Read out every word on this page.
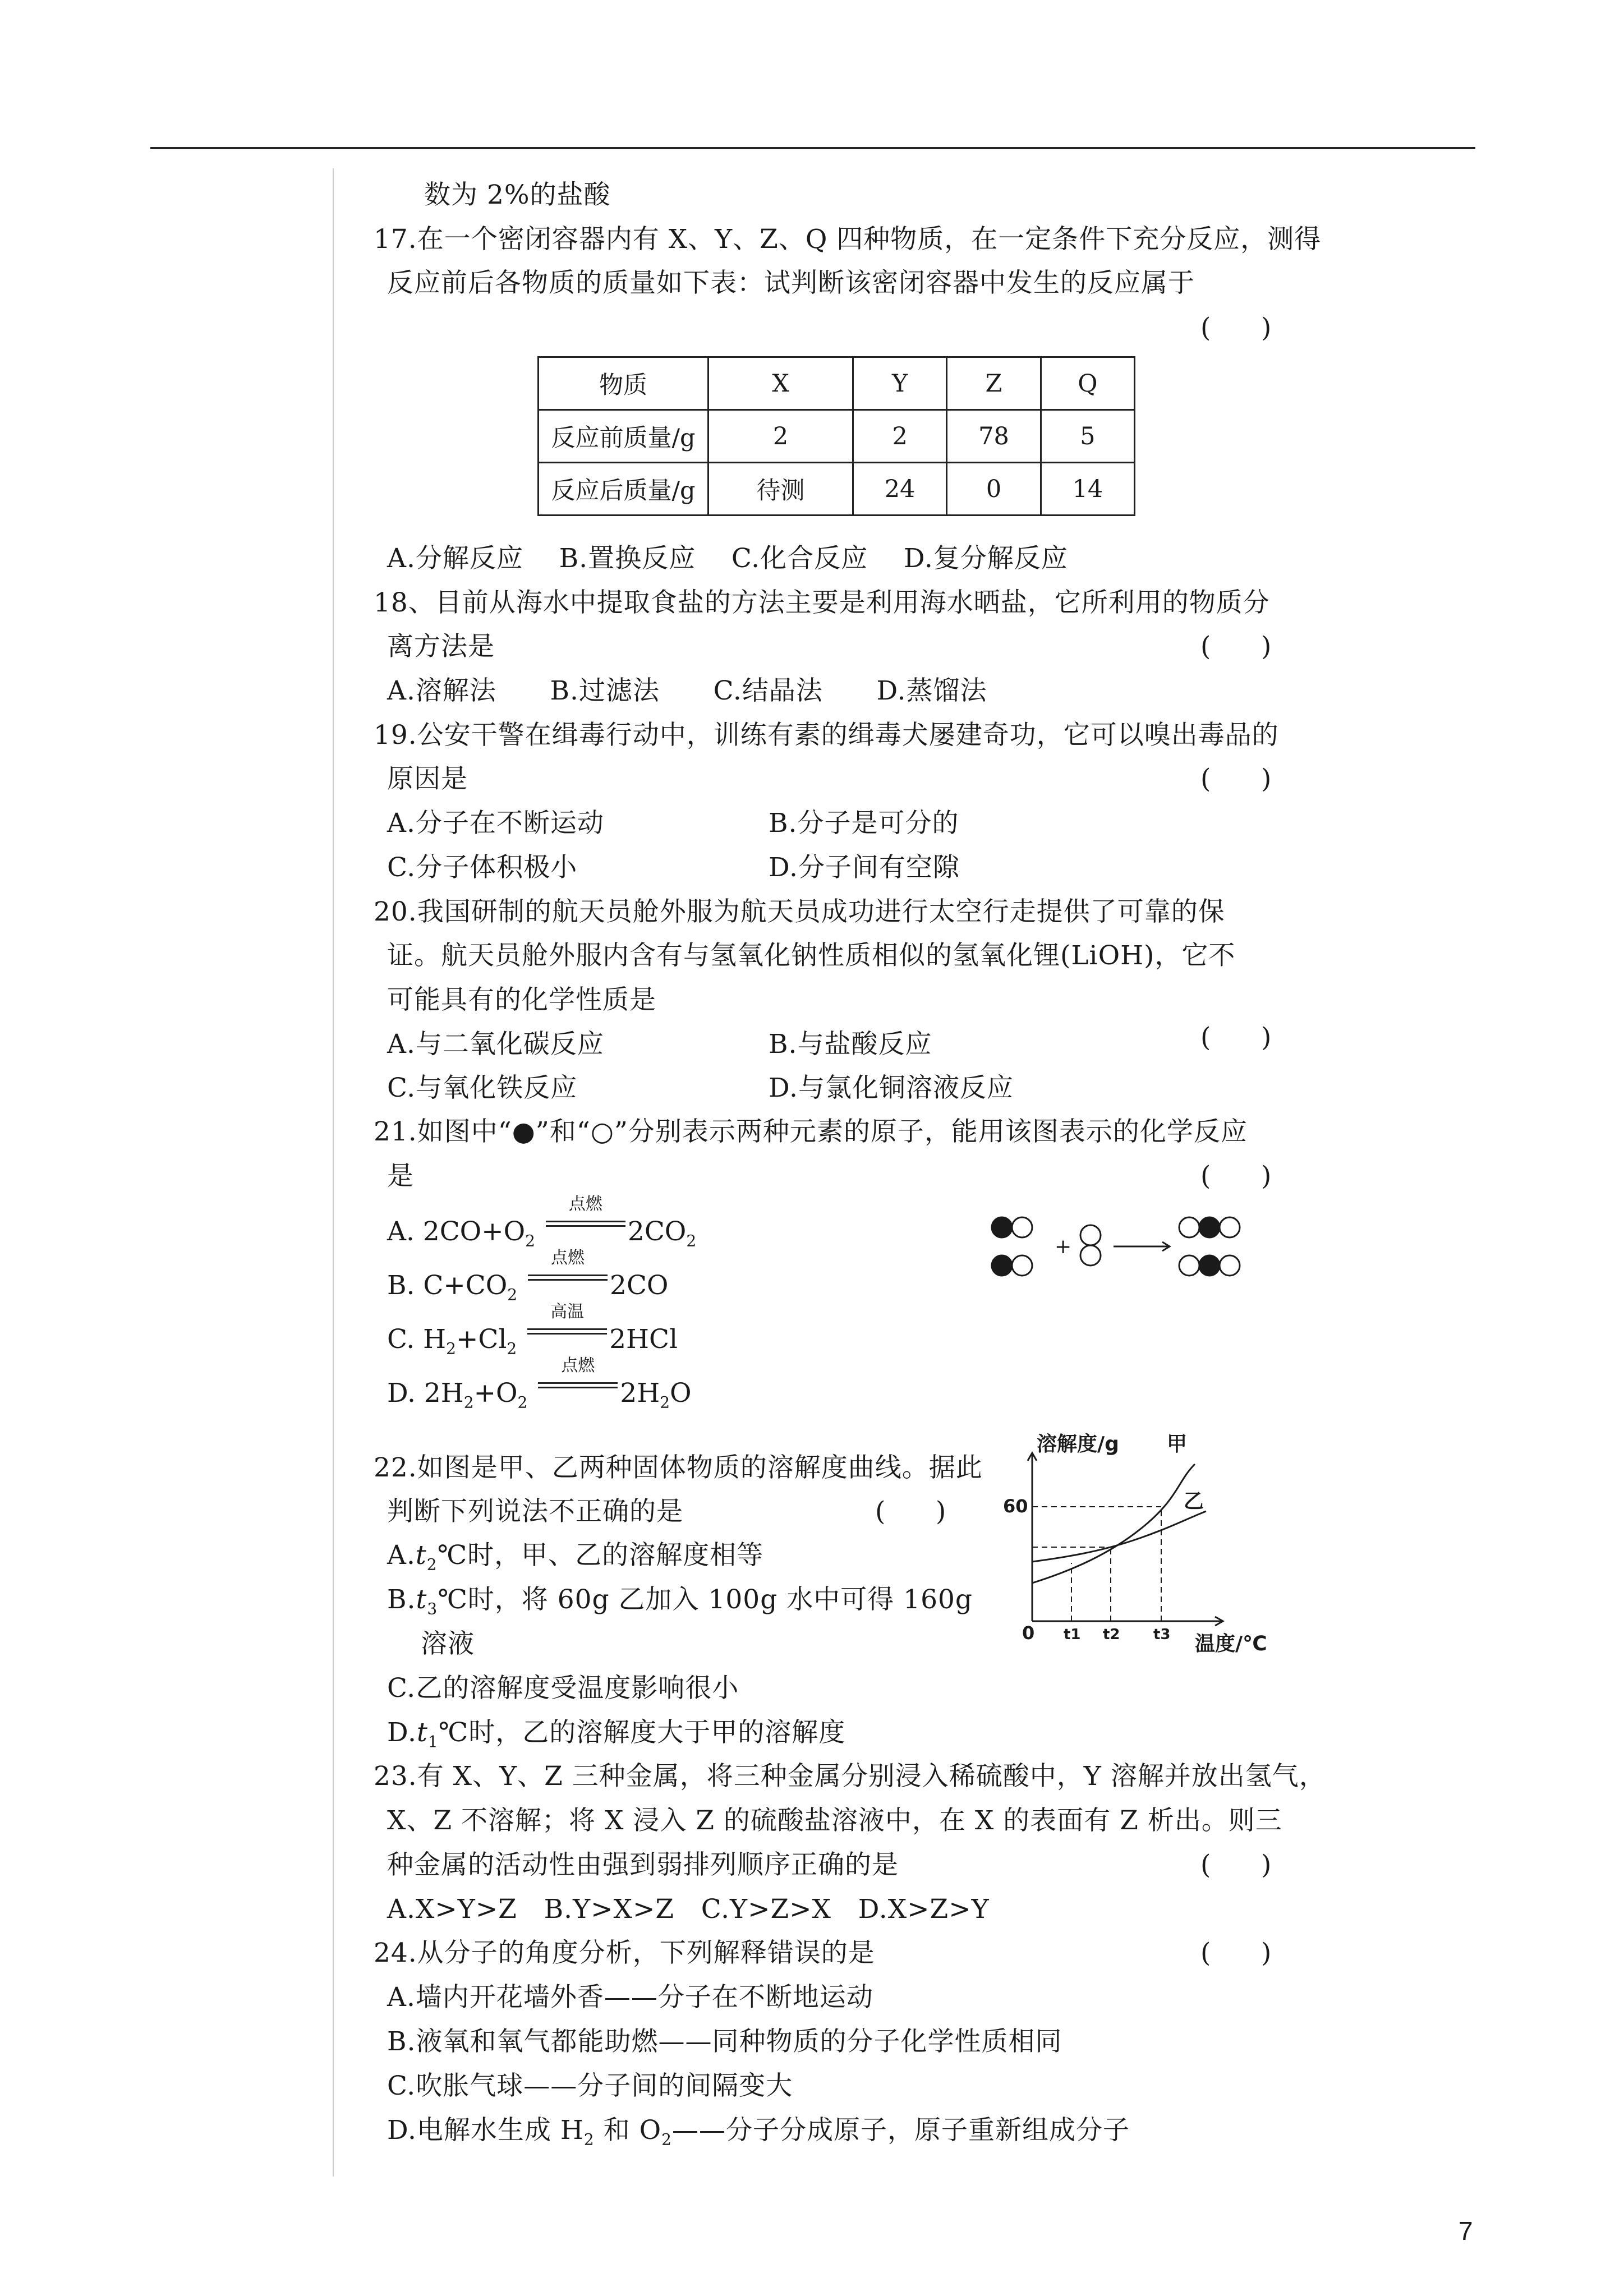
数为 2%的盐酸
17.在一个密闭容器内有 X、Y、Z、Q 四种物质，在一定条件下充分反应，测得
反应前后各物质的质量如下表：试判断该密闭容器中发生的反应属于
(      )
物质	X	Y	Z	Q
反应前质量/g	2	2	78	5
反应后质量/g	待测	24	0	14
A.分解反应    B.置换反应    C.化合反应    D.复分解反应
18、目前从海水中提取食盐的方法主要是利用海水晒盐，它所利用的物质分
离方法是	(      )
A.溶解法      B.过滤法      C.结晶法      D.蒸馏法
19.公安干警在缉毒行动中，训练有素的缉毒犬屡建奇功，它可以嗅出毒品的
原因是	(      )
A.分子在不断运动	B.分子是可分的
C.分子体积极小	D.分子间有空隙
20.我国研制的航天员舱外服为航天员成功进行太空行走提供了可靠的保
证。航天员舱外服内含有与氢氧化钠性质相似的氢氧化锂(LiOH)，它不
可能具有的化学性质是
(      )
A.与二氧化碳反应	B.与盐酸反应
C.与氧化铁反应	D.与氯化铜溶液反应
21.如图中“●”和“○”分别表示两种元素的原子，能用该图表示的化学反应
是	(      )
A. $2CO+O_2$
点燃
$2CO_2$
B. $C+CO_2$
点燃
2CO
C. $H_2+Cl_2$
高温
2HCl
D. $2H_2+O_2$
点燃
$2H_2O$
+
22.如图是甲、乙两种固体物质的溶解度曲线。据此
判断下列说法不正确的是	(      )
$A.t_2℃$时，甲、乙的溶解度相等
$B.t_3℃$时，将 60g 乙加入 100g 水中可得 160g
溶液
C.乙的溶解度受温度影响很小
$D.t_1℃$时，乙的溶解度大于甲的溶解度
溶解度/g 甲
乙
60
0 t1 t2 t3 温度/℃
23.有 X、Y、Z 三种金属，将三种金属分别浸入稀硫酸中，Y 溶解并放出氢气，
X、Z 不溶解；将 X 浸入 Z 的硫酸盐溶液中，在 X 的表面有 Z 析出。则三
种金属的活动性由强到弱排列顺序正确的是	(      )
A.X>Y>Z   B.Y>X>Z   C.Y>Z>X   D.X>Z>Y
24.从分子的角度分析，下列解释错误的是	(      )
A.墙内开花墙外香——分子在不断地运动
B.液氧和氧气都能助燃——同种物质的分子化学性质相同
C.吹胀气球——分子间的间隔变大
D.电解水生成 $H_2$ 和 $O_2——$分子分成原子，原子重新组成分子
7
